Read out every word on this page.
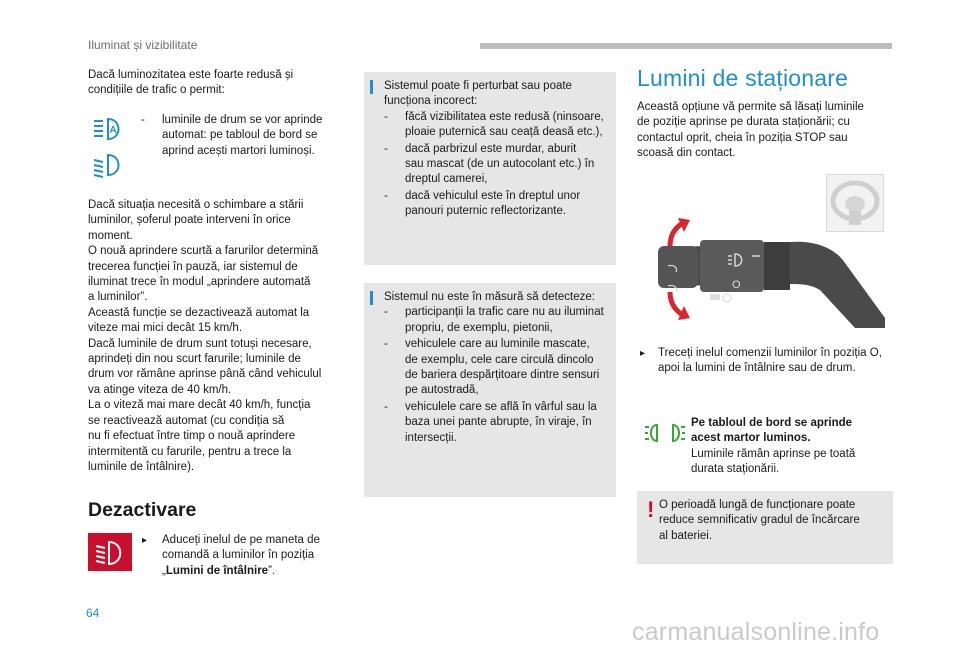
Iluminat și vizibilitate
Dacă luminozitatea este foarte redusă și
condițiile de trafic o permit:
A
- luminile de drum se vor aprinde
automat: pe tabloul de bord se
aprind acești martori luminoși.
Dacă situația necesită o schimbare a stării
luminilor, șoferul poate interveni în orice
moment.
O nouă aprindere scurtă a farurilor determină
trecerea funcției în pauză, iar sistemul de
iluminat trece în modul „aprindere automată
a luminilor”.
Această funcție se dezactivează automat la
viteze mai mici decât 15 km/h.
Dacă luminile de drum sunt totuși necesare,
aprindeți din nou scurt farurile; luminile de
drum vor rămâne aprinse până când vehiculul
va atinge viteza de 40 km/h.
La o viteză mai mare decât 40 km/h, funcția
se reactivează automat (cu condiția să
nu fi efectuat între timp o nouă aprindere
intermitentă cu farurile, pentru a trece la
luminile de întâlnire).
Dezactivare
▸ Aduceți inelul de pe maneta de
comandă a luminilor în poziția
„Lumini de întâlnire”.
Sistemul poate fi perturbat sau poate
funcționa incorect:
- făcă vizibilitatea este redusă (ninsoare,
ploaie puternică sau ceață deasă etc.),
- dacă parbrizul este murdar, aburit
sau mascat (de un autocolant etc.) în
dreptul camerei,
- dacă vehiculul este în dreptul unor
panouri puternic reflectorizante.
Sistemul nu este în măsură să detecteze:
- participanții la trafic care nu au iluminat
propriu, de exemplu, pietonii,
- vehiculele care au luminile mascate,
de exemplu, cele care circulă dincolo
de bariera despărțitoare dintre sensuri
pe autostradă,
- vehiculele care se află în vârful sau la
baza unei pante abrupte, în viraje, în
intersecții.
Lumini de staționare
Această opțiune vă permite să lăsați luminile
de poziție aprinse pe durata staționării; cu
contactul oprit, cheia în poziția STOP sau
scoasă din contact.
O
▸ Treceți inelul comenzii luminilor în poziția O,
apoi la lumini de întâlnire sau de drum.
Pe tabloul de bord se aprinde
acest martor luminos.
Luminile rămân aprinse pe toată
durata staționării.
! O perioadă lungă de funcționare poate
reduce semnificativ gradul de încărcare
al bateriei.
64
carmanualsonline.info
